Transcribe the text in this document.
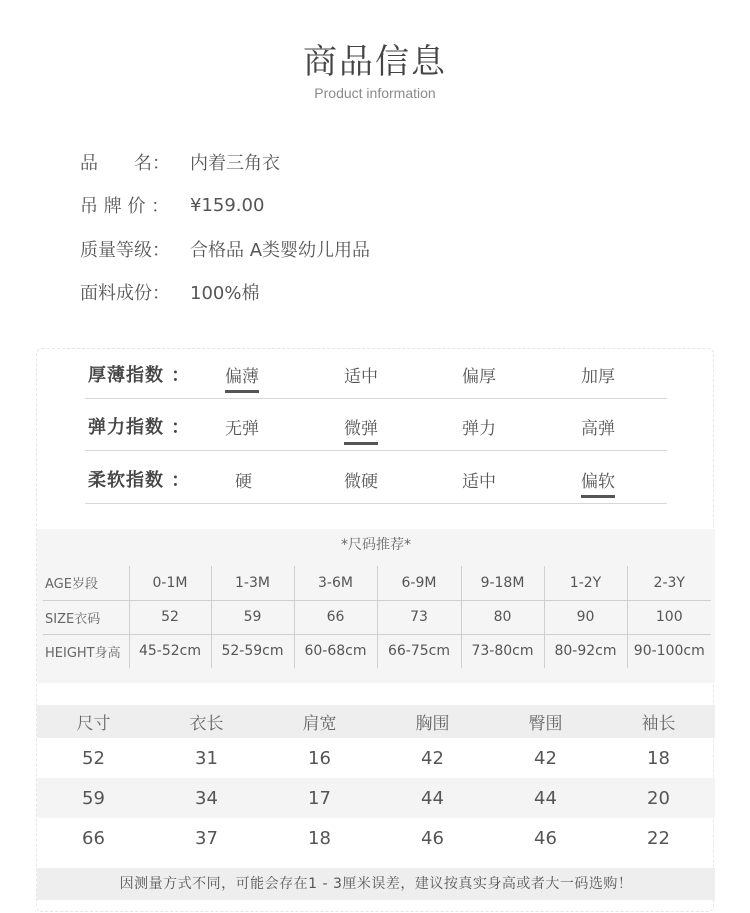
商品信息
Product information
品　　名：	内着三角衣
吊 牌 价 ：	¥159.00
质量等级：	合格品 A类婴幼儿用品
面料成份：	100%棉
厚薄指数 ： 偏薄	适中	偏厚	加厚
弹力指数 ： 无弹	微弹	弹力	高弹
柔软指数 ：	硬	微硬	适中	偏软
*尺码推荐*
AGE岁段	0-1M	1-3M	3-6M	6-9M	9-18M	1-2Y	2-3Y
SIZE衣码	52	59	66	73	80	90	100
HEIGHT身高	45-52cm	52-59cm	60-68cm	66-75cm	73-80cm	80-92cm	90-100cm
尺寸	衣长	肩宽	胸围	臀围	袖长
52	31	16	42	42	18
59	34	17	44	44	20
66	37	18	46	46	22
因测量方式不同，可能会存在1 - 3厘米误差，建议按真实身高或者大一码选购！
